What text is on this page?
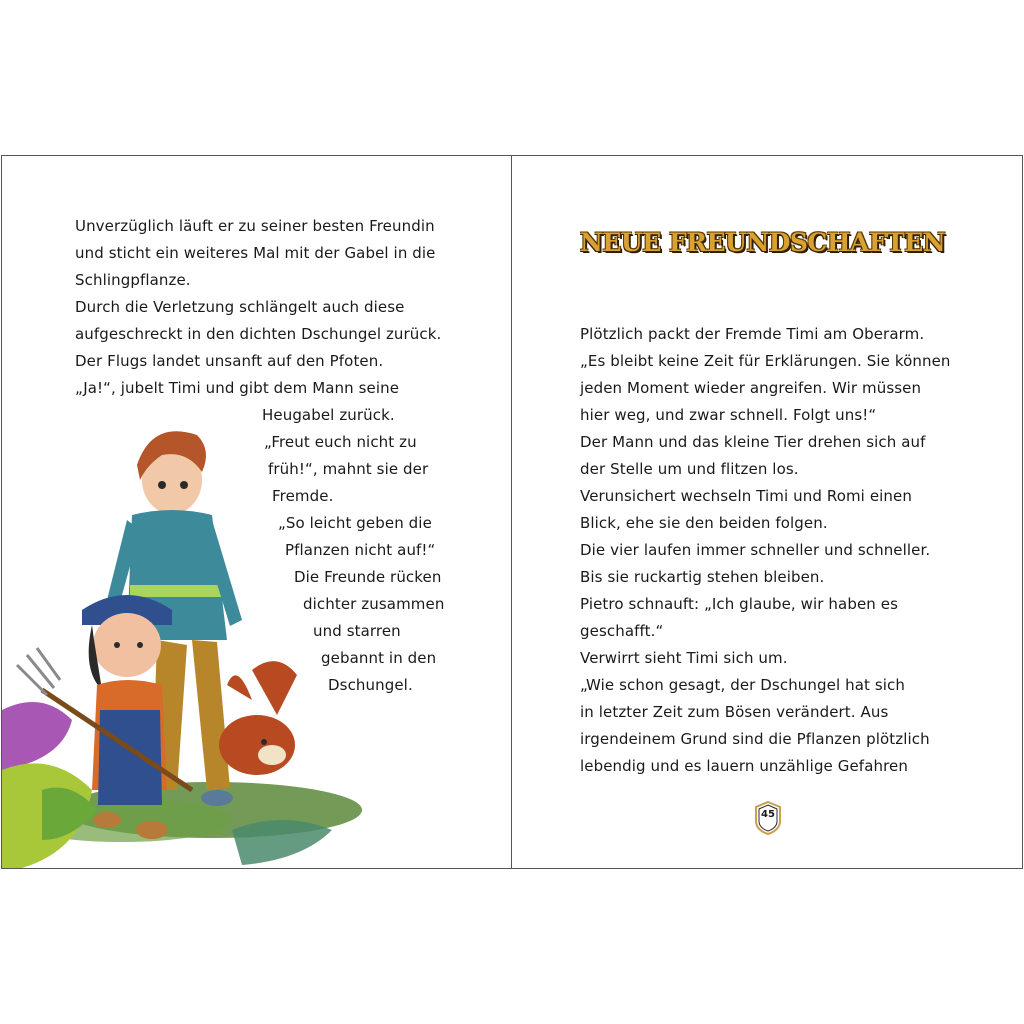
Unverzüglich läuft er zu seiner besten Freundin
und sticht ein weiteres Mal mit der Gabel in die
Schlingpflanze.
Durch die Verletzung schlängelt auch diese
aufgeschreckt in den dichten Dschungel zurück.
Der Flugs landet unsanft auf den Pfoten.
„Ja!“, jubelt Timi und gibt dem Mann seine
Heugabel zurück.
„Freut euch nicht zu
früh!“, mahnt sie der
Fremde.
„So leicht geben die
Pflanzen nicht auf!“
Die Freunde rücken
dichter zusammen
und starren
gebannt in den
Dschungel.
NEUE FREUNDSCHAFTEN
Plötzlich packt der Fremde Timi am Oberarm.
„Es bleibt keine Zeit für Erklärungen. Sie können
jeden Moment wieder angreifen. Wir müssen
hier weg, und zwar schnell. Folgt uns!“
Der Mann und das kleine Tier drehen sich auf
der Stelle um und flitzen los.
Verunsichert wechseln Timi und Romi einen
Blick, ehe sie den beiden folgen.
Die vier laufen immer schneller und schneller.
Bis sie ruckartig stehen bleiben.
Pietro schnauft: „Ich glaube, wir haben es
geschafft.“
Verwirrt sieht Timi sich um.
„Wie schon gesagt, der Dschungel hat sich
in letzter Zeit zum Bösen verändert. Aus
irgendeinem Grund sind die Pflanzen plötzlich
lebendig und es lauern unzählige Gefahren
45
